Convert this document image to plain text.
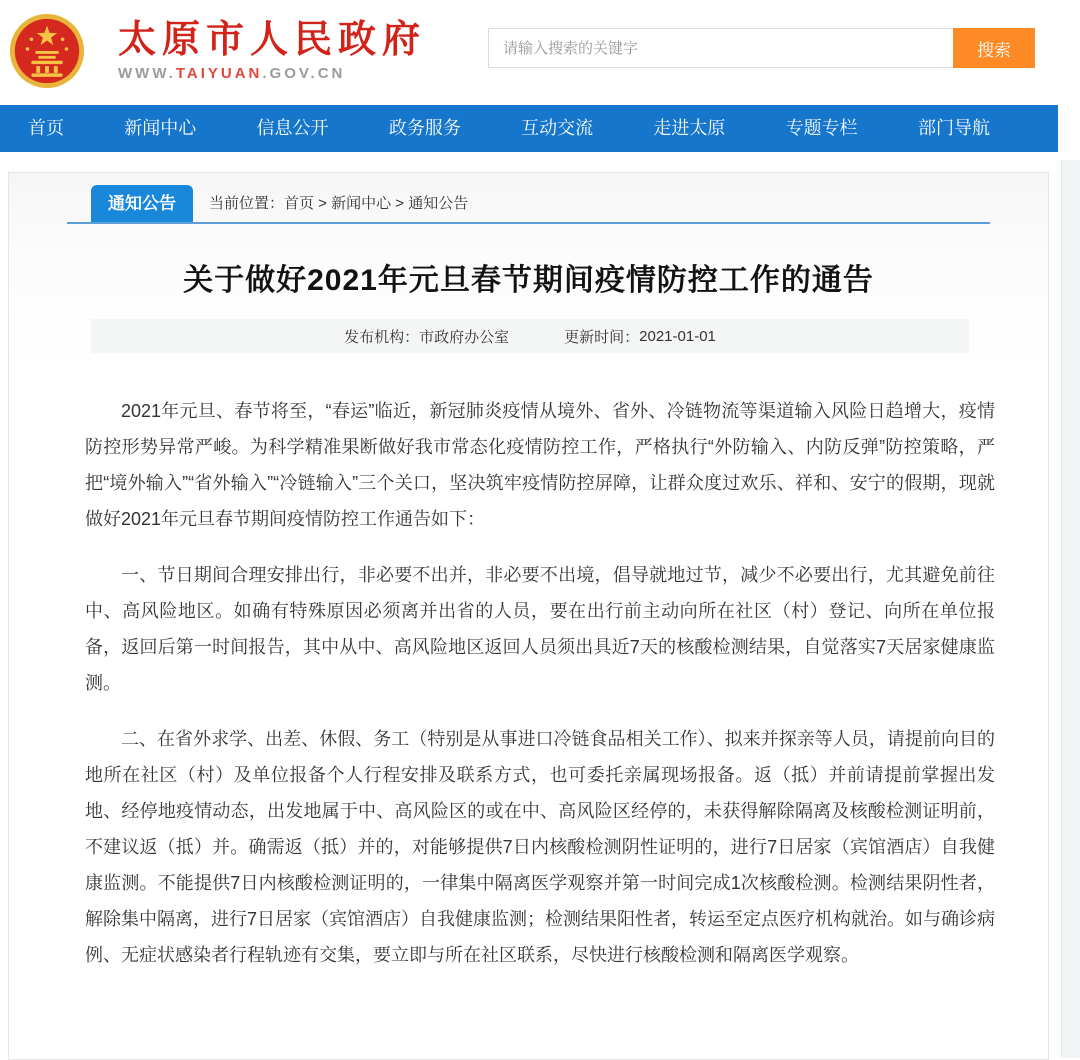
太原市人民政府
WWW.TAIYUAN.GOV.CN
请输入搜索的关键字
搜索
首页	新闻中心	信息公开	政务服务	互动交流	走进太原	专题专栏	部门导航
通知公告	当前位置：首页 > 新闻中心 > 通知公告
关于做好2021年元旦春节期间疫情防控工作的通告
发布机构： 市政府办公室	更新时间： 2021-01-01

2021年元旦、春节将至，“春运”临近，新冠肺炎疫情从境外、省外、冷链物流等渠道输入风险日趋增大，疫情防控形势异常严峻。为科学精准果断做好我市常态化疫情防控工作，严格执行“外防输入、内防反弹”防控策略，严把“境外输入”“省外输入”“冷链输入”三个关口，坚决筑牢疫情防控屏障，让群众度过欢乐、祥和、安宁的假期，现就做好2021年元旦春节期间疫情防控工作通告如下：

一、节日期间合理安排出行，非必要不出并，非必要不出境，倡导就地过节，减少不必要出行，尤其避免前往中、高风险地区。如确有特殊原因必须离并出省的人员，要在出行前主动向所在社区（村）登记、向所在单位报备，返回后第一时间报告，其中从中、高风险地区返回人员须出具近7天的核酸检测结果，自觉落实7天居家健康监测。

二、在省外求学、出差、休假、务工（特别是从事进口冷链食品相关工作）、拟来并探亲等人员，请提前向目的地所在社区（村）及单位报备个人行程安排及联系方式，也可委托亲属现场报备。返（抵）并前请提前掌握出发地、经停地疫情动态，出发地属于中、高风险区的或在中、高风险区经停的，未获得解除隔离及核酸检测证明前，不建议返（抵）并。确需返（抵）并的，对能够提供7日内核酸检测阴性证明的，进行7日居家（宾馆酒店）自我健康监测。不能提供7日内核酸检测证明的，一律集中隔离医学观察并第一时间完成1次核酸检测。检测结果阴性者，解除集中隔离，进行7日居家（宾馆酒店）自我健康监测；检测结果阳性者，转运至定点医疗机构就治。如与确诊病例、无症状感染者行程轨迹有交集，要立即与所在社区联系，尽快进行核酸检测和隔离医学观察。
